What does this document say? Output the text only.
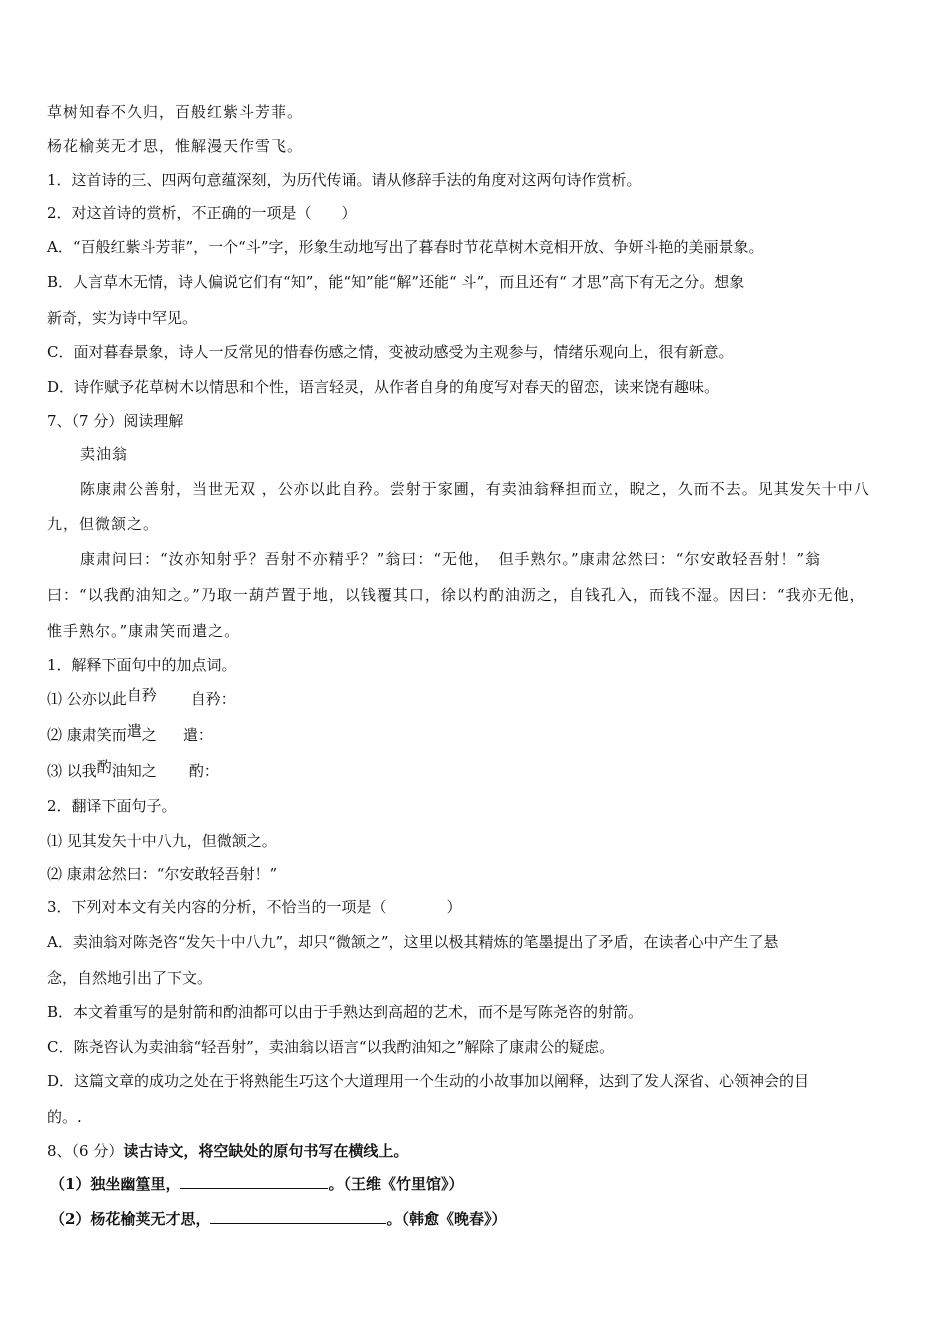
草树知春不久归，百般红紫斗芳菲。
杨花榆荚无才思，惟解漫天作雪飞。
1．这首诗的三、四两句意蕴深刻，为历代传诵。请从修辞手法的角度对这两句诗作赏析。
2．对这首诗的赏析，不正确的一项是（　　）
A．“百般红紫斗芳菲”，一个“斗”字，形象生动地写出了暮春时节花草树木竞相开放、争妍斗艳的美丽景象。
B．人言草木无情，诗人偏说它们有“知”，能“知”能“解”还能“ 斗”，而且还有“ 才思”高下有无之分。想象
新奇，实为诗中罕见。
C．面对暮春景象，诗人一反常见的惜春伤感之情，变被动感受为主观参与，情绪乐观向上，很有新意。
D．诗作赋予花草树木以情思和个性，语言轻灵，从作者自身的角度写对春天的留恋，读来饶有趣味。
7、（7 分）阅读理解
卖油翁
陈康肃公善射，当世无双 ，公亦以此自矜。尝射于家圃，有卖油翁释担而立，睨之，久而不去。见其发矢十中八
九，但微颔之。
康肃问曰：“汝亦知射乎？吾射不亦精乎？”翁曰：“无他，　但手熟尔。”康肃忿然曰：“尔安敢轻吾射！”翁
曰：“以我酌油知之。”乃取一葫芦置于地，以钱覆其口，徐以杓酌油沥之，自钱孔入，而钱不湿。因曰：“我亦无他，
惟手熟尔。”康肃笑而遣之。
1．解释下面句中的加点词。
⑴ 公亦以此自矜 自矜：
⑵ 康肃笑而遣之 遣：
⑶ 以我酌油知之 酌：
2．翻译下面句子。
⑴ 见其发矢十中八九，但微颔之。
⑵ 康肃忿然曰：“尔安敢轻吾射！”
3．下列对本文有关内容的分析，不恰当的一项是（　　　　）
A．卖油翁对陈尧咨“发矢十中八九”，却只“微颔之”，这里以极其精炼的笔墨提出了矛盾，在读者心中产生了悬
念，自然地引出了下文。
B．本文着重写的是射箭和酌油都可以由于手熟达到高超的艺术，而不是写陈尧咨的射箭。
C．陈尧咨认为卖油翁“轻吾射”，卖油翁以语言“以我酌油知之”解除了康肃公的疑虑。
D．这篇文章的成功之处在于将熟能生巧这个大道理用一个生动的小故事加以阐释，达到了发人深省、心领神会的目
的。.
8、（6 分）读古诗文，将空缺处的原句书写在横线上。
（1）独坐幽篁里，	。（王维《竹里馆》）
（2）杨花榆荚无才思，	。（韩愈《晚春》）
